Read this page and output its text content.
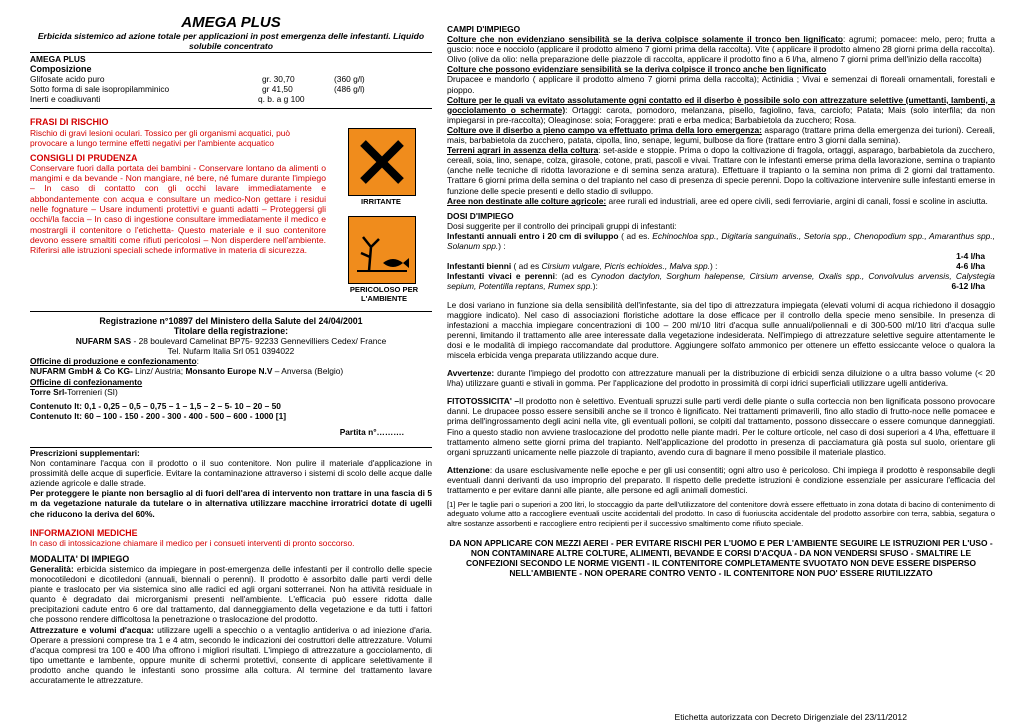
AMEGA PLUS
Erbicida sistemico ad azione totale per applicazioni in post emergenza delle infestanti. Liquido solubile concentrato
AMEGA PLUS
Composizione
Glifosate acido puro	gr. 30,70	(360 g/l)
Sotto forma di sale isopropilamminico	gr 41,50	(486 g/l)
Inerti e coadiuvanti	q. b. a g 100
FRASI DI RISCHIO
Rischio di gravi lesioni oculari. Tossico per gli organismi acquatici, può provocare a lungo termine effetti negativi per l'ambiente acquatico
CONSIGLI DI PRUDENZA
Conservare fuori dalla portata dei bambini - Conservare lontano da alimenti o mangimi e da bevande - Non mangiare, né bere, né fumare durante l'impiego – In caso di contatto con gli occhi lavare immediatamente e abbondantemente con acqua e consultare un medico-Non gettare i residui nelle fognature – Usare indumenti protettivi e guanti adatti – Proteggersi gli occhi/la faccia – In caso di ingestione consultare immediatamente il medico e mostrargli il contenitore o l'etichetta- Questo materiale e il suo contenitore devono essere smaltiti come rifiuti pericolosi – Non disperdere nell'ambiente. Riferirsi alle istruzioni speciali schede informative in materia di sicurezza.
IRRITANTE
PERICOLOSO PER L'AMBIENTE
Registrazione n°10897 del Ministero della Salute del 24/04/2001
Titolare della registrazione:
NUFARM SAS - 28 boulevard Camelinat BP75- 92233 Gennevilliers Cedex/ France
Tel. Nufarm Italia Srl 051 0394022
Officine di produzione e confezionamento:
NUFARM GmbH & Co KG- Linz/ Austria; Monsanto Europe N.V – Anversa (Belgio)
Officine di confezionamento
Torre Srl-Torrenieri (SI)
Contenuto lt: 0,1 - 0,25 – 0,5 – 0,75 – 1 – 1,5 – 2 – 5- 10 – 20 – 50
Contenuto lt: 60 – 100 - 150 - 200 - 300 - 400 - 500 – 600 - 1000 [1]
Partita n°……….
Prescrizioni supplementari:
Non contaminare l'acqua con il prodotto o il suo contenitore. Non pulire il materiale d'applicazione in prossimità delle acque di superficie. Evitare la contaminazione attraverso i sistemi di scolo delle acque dalle aziende agricole e dalle strade.
Per proteggere le piante non bersaglio al di fuori dell'area di intervento non trattare in una fascia di 5 m da vegetazione naturale da tutelare o in alternativa utilizzare macchine irroratrici dotate di ugelli che riducono la deriva del 60%.
INFORMAZIONI MEDICHE
In caso di intossicazione chiamare il medico per i consueti interventi di pronto soccorso.
MODALITA' DI IMPIEGO
Generalità: erbicida sistemico da impiegare in post-emergenza delle infestanti per il controllo delle specie monocotiledoni e dicotiledoni (annuali, biennali o perenni). Il prodotto è assorbito dalle parti verdi delle piante e traslocato per via sistemica sino alle radici ed agli organi sotterranei. Non ha attività residuale in quanto è degradato dai microrganismi presenti nell'ambiente. L'efficacia può essere ridotta dalle precipitazioni cadute entro 6 ore dal trattamento, dal danneggiamento della vegetazione e da tutti i fattori che possono rendere difficoltosa la penetrazione o traslocazione del prodotto.
Attrezzature e volumi d'acqua: utilizzare ugelli a specchio o a ventaglio antideriva o ad iniezione d'aria. Operare a pressioni comprese tra 1 e 4 atm, secondo le indicazioni dei costruttori delle attrezzature. Volumi d'acqua compresi tra 100 e 400 l/ha offrono i migliori risultati. L'impiego di attrezzature a gocciolamento, di tipo umettante e lambente, oppure munite di schermi protettivi, consente di applicare selettivamente il prodotto anche quando le infestanti sono prossime alla coltura. Al termine del trattamento lavare accuratamente le attrezzature.
CAMPI D'IMPIEGO
Colture che non evidenziano sensibilità se la deriva colpisce solamente il tronco ben lignificato: agrumi; pomacee: melo, pero; frutta a guscio: noce e nocciolo (applicare il prodotto almeno 7 giorni prima della raccolta). Vite ( applicare il prodotto almeno 28 giorni prima della raccolta). Olivo (olive da olio: nella preparazione delle piazzole di raccolta, applicare il prodotto fino a 6 l/ha, almeno 7 giorni prima dell'inizio della raccolta)
Colture che possono evidenziare sensibilità se la deriva colpisce il tronco anche ben lignificato
Drupacee e mandorlo ( applicare il prodotto almeno 7 giorni prima della raccolta); Actinidia ; Vivai e semenzai di floreali ornamentali, forestali e pioppo.
Colture per le quali va evitato assolutamente ogni contatto ed il diserbo è possibile solo con attrezzature selettive (umettanti, lambenti, a gocciolamento o schermate): Ortaggi: carota, pomodoro, melanzana, pisello, fagiolino, fava, carciofo; Patata; Mais (solo interfila; da non impiegarsi in pre-raccolta); Oleaginose: soia; Foraggere: prati e erba medica; Barbabietola da zucchero; Rosa.
Colture ove il diserbo a pieno campo va effettuato prima della loro emergenza: asparago (trattare prima della emergenza dei turioni). Cereali, mais, barbabietola da zucchero, patata, cipolla, lino, senape, legumi, bulbose da fiore (trattare entro 3 giorni dalla semina).
Terreni agrari in assenza della coltura: set-aside e stoppie. Prima o dopo la coltivazione di fragola, ortaggi, asparago, barbabietola da zucchero, cereali, soia, lino, senape, colza, girasole, cotone, prati, pascoli e vivai. Trattare con le infestanti emerse prima della lavorazione, semina o trapianto (anche nelle tecniche di ridotta lavorazione e di semina senza aratura). Effettuare il trapianto o la semina non prima di 2 giorni dal trattamento. Trattare 6 giorni prima della semina o del trapianto nel caso di presenza di specie perenni. Dopo la coltivazione intervenire sulle infestanti emerse in funzione delle specie presenti e dello stadio di sviluppo.
Aree non destinate alle colture agricole: aree rurali ed industriali, aree ed opere civili, sedi ferroviarie, argini di canali, fossi e scoline in asciutta.
DOSI D'IMPIEGO
Dosi suggerite per il controllo dei principali gruppi di infestanti:
Infestanti annuali entro i 20 cm di sviluppo ( ad es. Echinochloa spp., Digitaria sanguinalis., Setoria spp., Chenopodium spp., Amaranthus spp., Solanum spp.) :
1-4 l/ha
Infestanti bienni ( ad es Cirsium vulgare, Picris echioides., Malva spp.) :	4-6 l/ha
Infestanti vivaci e perenni: (ad es Cynodon dactylon, Sorghum halepense, Cirsium arvense, Oxalis spp., Convolvulus arvensis, Calystegia sepium, Potentilla reptans, Rumex spp.):	6-12 l/ha
Le dosi variano in funzione sia della sensibilità dell'infestante, sia del tipo di attrezzatura impiegata (elevati volumi di acqua richiedono il dosaggio maggiore indicato). Nel caso di associazioni floristiche adottare la dose efficace per il controllo della specie meno sensibile. In presenza di infestazioni a macchia impiegare concentrazioni di 100 – 200 ml/10 litri d'acqua sulle annuali/poliennali e di 300-500 ml/10 litri d'acqua sulle perenni, limitando il trattamento alle aree interessate dalla vegetazione indesiderata. Nell'impiego di attrezzature selettive seguire attentamente le dosi e le modalità di impiego raccomandate dal produttore. Aggiungere solfato ammonico per ottenere un effetto essiccante veloce o qualora la miscela erbicida venga preparata utilizzando acque dure.
Avvertenze: durante l'impiego del prodotto con attrezzature manuali per la distribuzione di erbicidi senza diluizione o a ultra basso volume (< 20 l/ha) utilizzare guanti e stivali in gomma. Per l'applicazione del prodotto in prossimità di corpi idrici superficiali utilizzare ugelli antideriva.
FITOTOSSICITA' –Il prodotto non è selettivo. Eventuali spruzzi sulle parti verdi delle piante o sulla corteccia non ben lignificata possono provocare danni. Le drupacee posso essere sensibili anche se il tronco è lignificato. Nei trattamenti primaverili, fino allo stadio di frutto-noce nelle pomacee e prima dell'ingrossamento degli acini nella vite, gli eventuali polloni, se colpiti dal trattamento, possono disseccare o essere comunque danneggiati. Fino a questo stadio non avviene traslocazione del prodotto nelle piante madri. Per le colture ortícole, nel caso di dosi superiori a 4 l/ha, effettuare il trattamento almeno sette giorni prima del trapianto. Nell'applicazione del prodotto in presenza di pacciamatura già posta sul suolo, orientare gli organi spruzzanti unicamente nelle piazzole di trapianto, avendo cura di bagnare il meno possibile il materiale plastico.
Attenzione: da usare esclusivamente nelle epoche e per gli usi consentiti; ogni altro uso è pericoloso. Chi impiega il prodotto è responsabile degli eventuali danni derivanti da uso improprio del preparato. Il rispetto delle predette istruzioni è condizione essenziale per assicurare l'efficacia del trattamento e per evitare danni alle piante, alle persone ed agli animali domestici.
[1] Per le taglie pari o superiori a 200 litri, lo stoccaggio da parte dell'utilizzatore del contenitore dovrà essere effettuato in zona dotata di bacino di contenimento di adeguato volume atto a raccogliere eventuali uscite accidentali del prodotto. In caso di fuoriuscita accidentale del prodotto assorbire con terra, sabbia, segatura o altre sostanze assorbenti e raccogliere entro recipienti per il successivo smaltimento come rifiuto speciale.
DA NON APPLICARE CON MEZZI AEREI - PER EVITARE RISCHI PER L'UOMO E PER L'AMBIENTE SEGUIRE LE ISTRUZIONI PER L'USO - NON CONTAMINARE ALTRE COLTURE, ALIMENTI, BEVANDE E CORSI D'ACQUA - DA NON VENDERSI SFUSO - SMALTIRE LE CONFEZIONI SECONDO LE NORME VIGENTI - IL CONTENITORE COMPLETAMENTE SVUOTATO NON DEVE ESSERE DISPERSO NELL'AMBIENTE - NON OPERARE CONTRO VENTO - IL CONTENITORE NON PUO' ESSERE RIUTILIZZATO
Etichetta autorizzata con Decreto Dirigenziale del 23/11/2012
